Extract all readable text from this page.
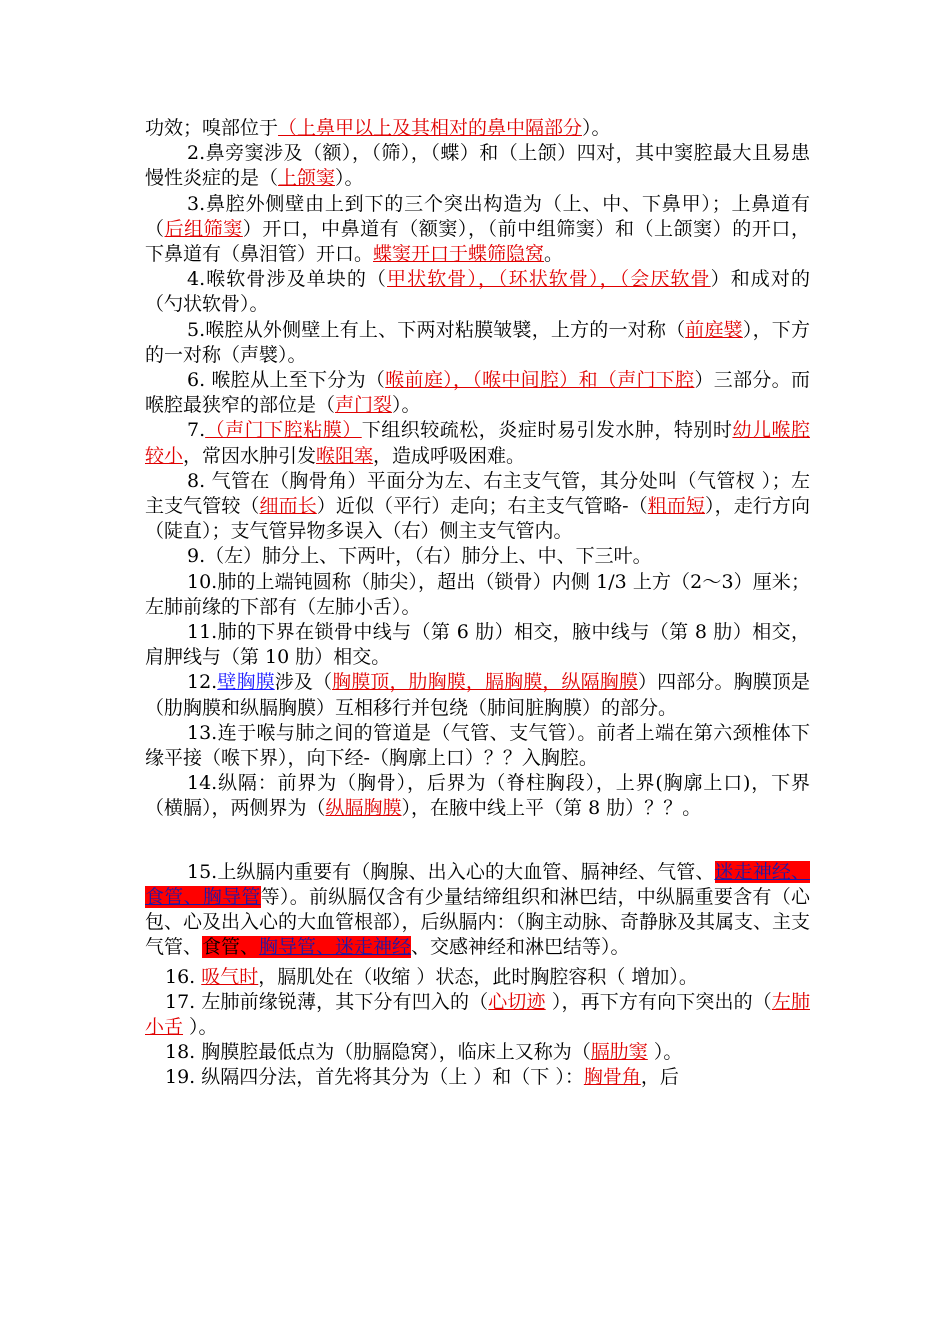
功效；嗅部位于（上鼻甲以上及其相对的鼻中隔部分）。

2.鼻旁窦涉及（额），（筛），（蝶）和（上颌）四对，其中窦腔最大且易患慢性炎症的是（上颌窦）。

3.鼻腔外侧壁由上到下的三个突出构造为（上、中、下鼻甲）；上鼻道有（后组筛窦）开口，中鼻道有（额窦），（前中组筛窦）和（上颌窦）的开口，下鼻道有（鼻泪管）开口。蝶窦开口于蝶筛隐窝。

4.喉软骨涉及单块的（甲状软骨），（环状软骨），（会厌软骨）和成对的（勺状软骨）。

5.喉腔从外侧壁上有上、下两对粘膜皱襞，上方的一对称（前庭襞），下方的一对称（声襞）。

6. 喉腔从上至下分为（喉前庭），（喉中间腔）和（声门下腔）三部分。而喉腔最狭窄的部位是（声门裂）。

7.（声门下腔粘膜）下组织较疏松，炎症时易引发水肿，特别时幼儿喉腔较小，常因水肿引发喉阻塞，造成呼吸困难。

8. 气管在（胸骨角）平面分为左、右主支气管，其分处叫（气管杈 ）；左主支气管较（细而长）近似（平行）走向；右主支气管略-（粗而短），走行方向（陡直）；支气管异物多误入（右）侧主支气管内。

9.（左）肺分上、下两叶，（右）肺分上、中、下三叶。

10.肺的上端钝圆称（肺尖），超出（锁骨）内侧 1/3 上方（2～3）厘米；左肺前缘的下部有（左肺小舌）。

11.肺的下界在锁骨中线与（第 6 肋）相交，腋中线与（第 8 肋）相交，肩胛线与（第 10 肋）相交。

12.壁胸膜涉及（胸膜顶，肋胸膜，膈胸膜，纵隔胸膜）四部分。胸膜顶是（肋胸膜和纵膈胸膜）互相移行并包绕（肺间脏胸膜）的部分。

13.连于喉与肺之间的管道是（气管、支气管）。前者上端在第六颈椎体下缘平接（喉下界），向下经-（胸廓上口）？？入胸腔。

14.纵隔：前界为（胸骨），后界为（脊柱胸段），上界(胸廓上口)，下界（横膈），两侧界为（纵膈胸膜），在腋中线上平（第 8 肋）？？。

15.上纵膈内重要有（胸腺、出入心的大血管、膈神经、气管、迷走神经、食管、胸导管等）。前纵膈仅含有少量结缔组织和淋巴结，中纵膈重要含有（心包、心及出入心的大血管根部），后纵膈内：（胸主动脉、奇静脉及其属支、主支气管、食管、胸导管、迷走神经、交感神经和淋巴结等）。

16. 吸气时，膈肌处在（收缩 ）状态，此时胸腔容积（ 增加）。

17. 左肺前缘锐薄，其下分有凹入的（心切迹 ），再下方有向下突出的（左肺小舌 ）。

18. 胸膜腔最低点为（肋膈隐窝），临床上又称为（膈肋窦 ）。

19. 纵隔四分法，首先将其分为（上 ）和（下 ）：胸骨角，后
